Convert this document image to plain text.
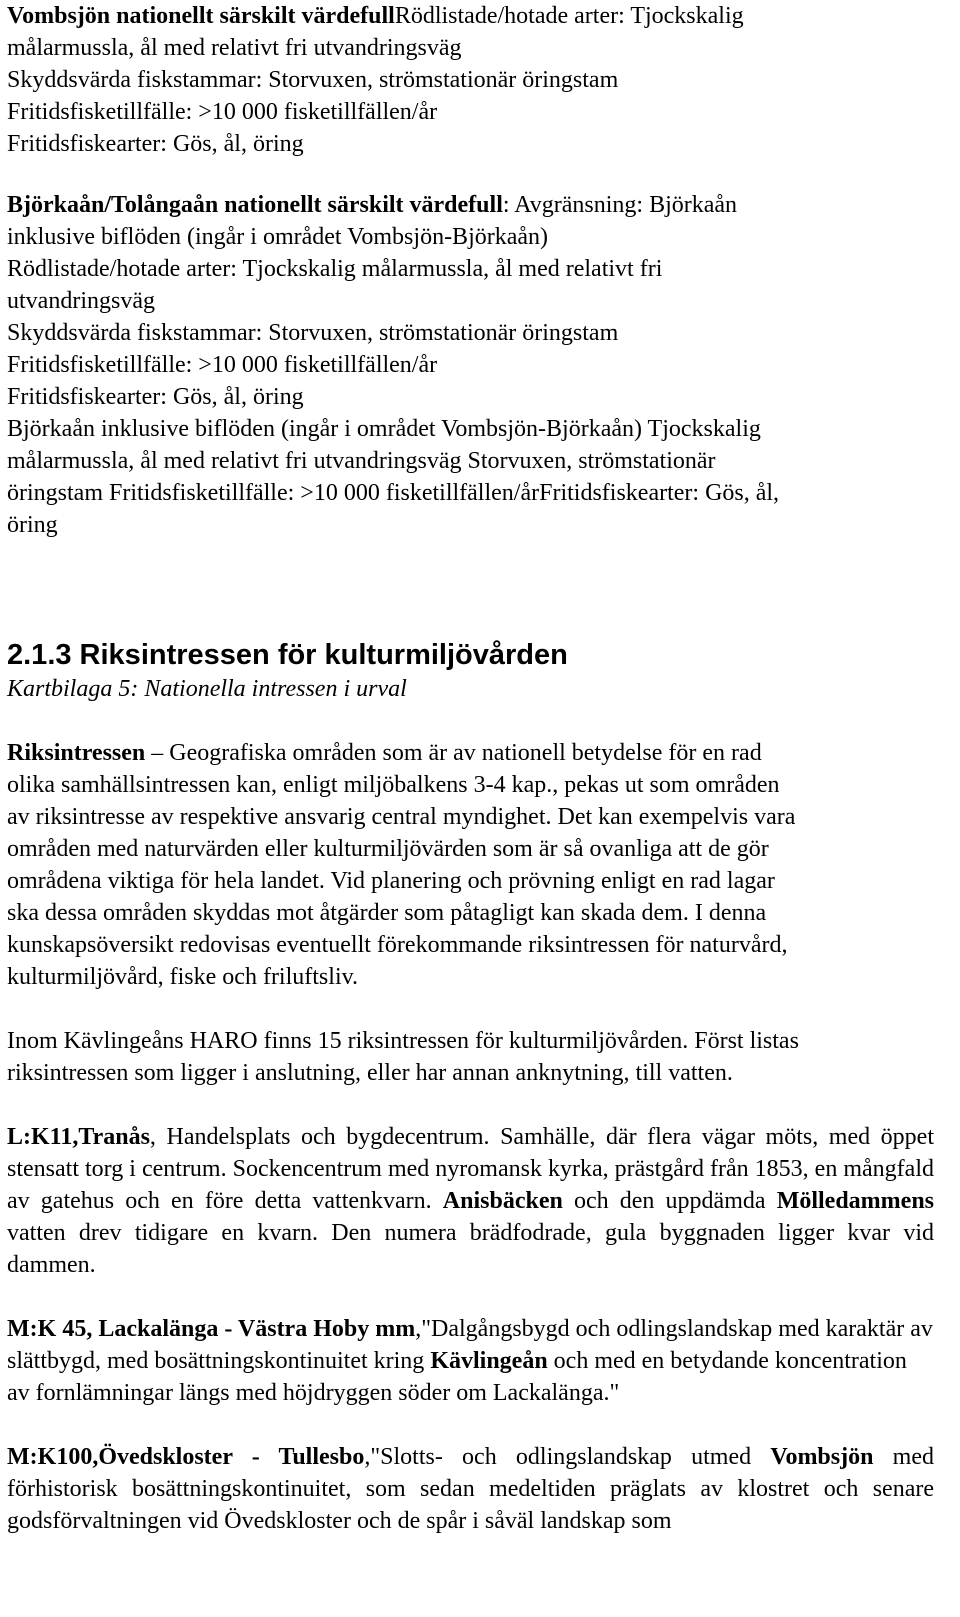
Vombsjön nationellt särskilt värdefullRödlistade/hotade arter: Tjockskalig

målarmussla, ål med relativt fri utvandringsväg

Skyddsvärda fiskstammar: Storvuxen, strömstationär öringstam

Fritidsfisketillfälle: >10 000 fisketillfällen/år

Fritidsfiskearter: Gös, ål, öring

Björkaån/Tolångaån nationellt särskilt värdefull: Avgränsning: Björkaån

inklusive biflöden (ingår i området Vombsjön-Björkaån)

Rödlistade/hotade arter: Tjockskalig målarmussla, ål med relativt fri

utvandringsväg

Skyddsvärda fiskstammar: Storvuxen, strömstationär öringstam

Fritidsfisketillfälle: >10 000 fisketillfällen/år

Fritidsfiskearter: Gös, ål, öring

Björkaån inklusive biflöden (ingår i området Vombsjön-Björkaån) Tjockskalig

målarmussla, ål med relativt fri utvandringsväg Storvuxen, strömstationär

öringstam Fritidsfisketillfälle: >10 000 fisketillfällen/årFritidsfiskearter: Gös, ål,

öring

2.1.3 Riksintressen för kulturmiljövården

Kartbilaga 5: Nationella intressen i urval

Riksintressen – Geografiska områden som är av nationell betydelse för en rad

olika samhällsintressen kan, enligt miljöbalkens 3-4 kap., pekas ut som områden

av riksintresse av respektive ansvarig central myndighet. Det kan exempelvis vara

områden med naturvärden eller kulturmiljövärden som är så ovanliga att de gör

områdena viktiga för hela landet. Vid planering och prövning enligt en rad lagar

ska dessa områden skyddas mot åtgärder som påtagligt kan skada dem. I denna

kunskapsöversikt redovisas eventuellt förekommande riksintressen för naturvård,

kulturmiljövård, fiske och friluftsliv.

Inom Kävlingeåns HARO finns 15 riksintressen för kulturmiljövården. Först listas

riksintressen som ligger i anslutning, eller har annan anknytning, till vatten.

L:K11,Tranås, Handelsplats och bygdecentrum. Samhälle, där flera vägar möts, med öppet stensatt torg i centrum. Sockencentrum med nyromansk kyrka, prästgård från 1853, en mångfald av gatehus och en före detta vattenkvarn. Anisbäcken och den uppdämda Mölledammens vatten drev tidigare en kvarn. Den numera brädfodrade, gula byggnaden ligger kvar vid dammen.

M:K 45, Lackalänga - Västra Hoby mm,"Dalgångsbygd och odlingslandskap med karaktär av slättbygd, med bosättningskontinuitet kring Kävlingeån och med en betydande koncentration av fornlämningar längs med höjdryggen söder om Lackalänga."

M:K100,Övedskloster - Tullesbo,"Slotts- och odlingslandskap utmed Vombsjön med förhistorisk bosättningskontinuitet, som sedan medeltiden präglats av klostret och senare godsförvaltningen vid Övedskloster och de spår i såväl landskap som
